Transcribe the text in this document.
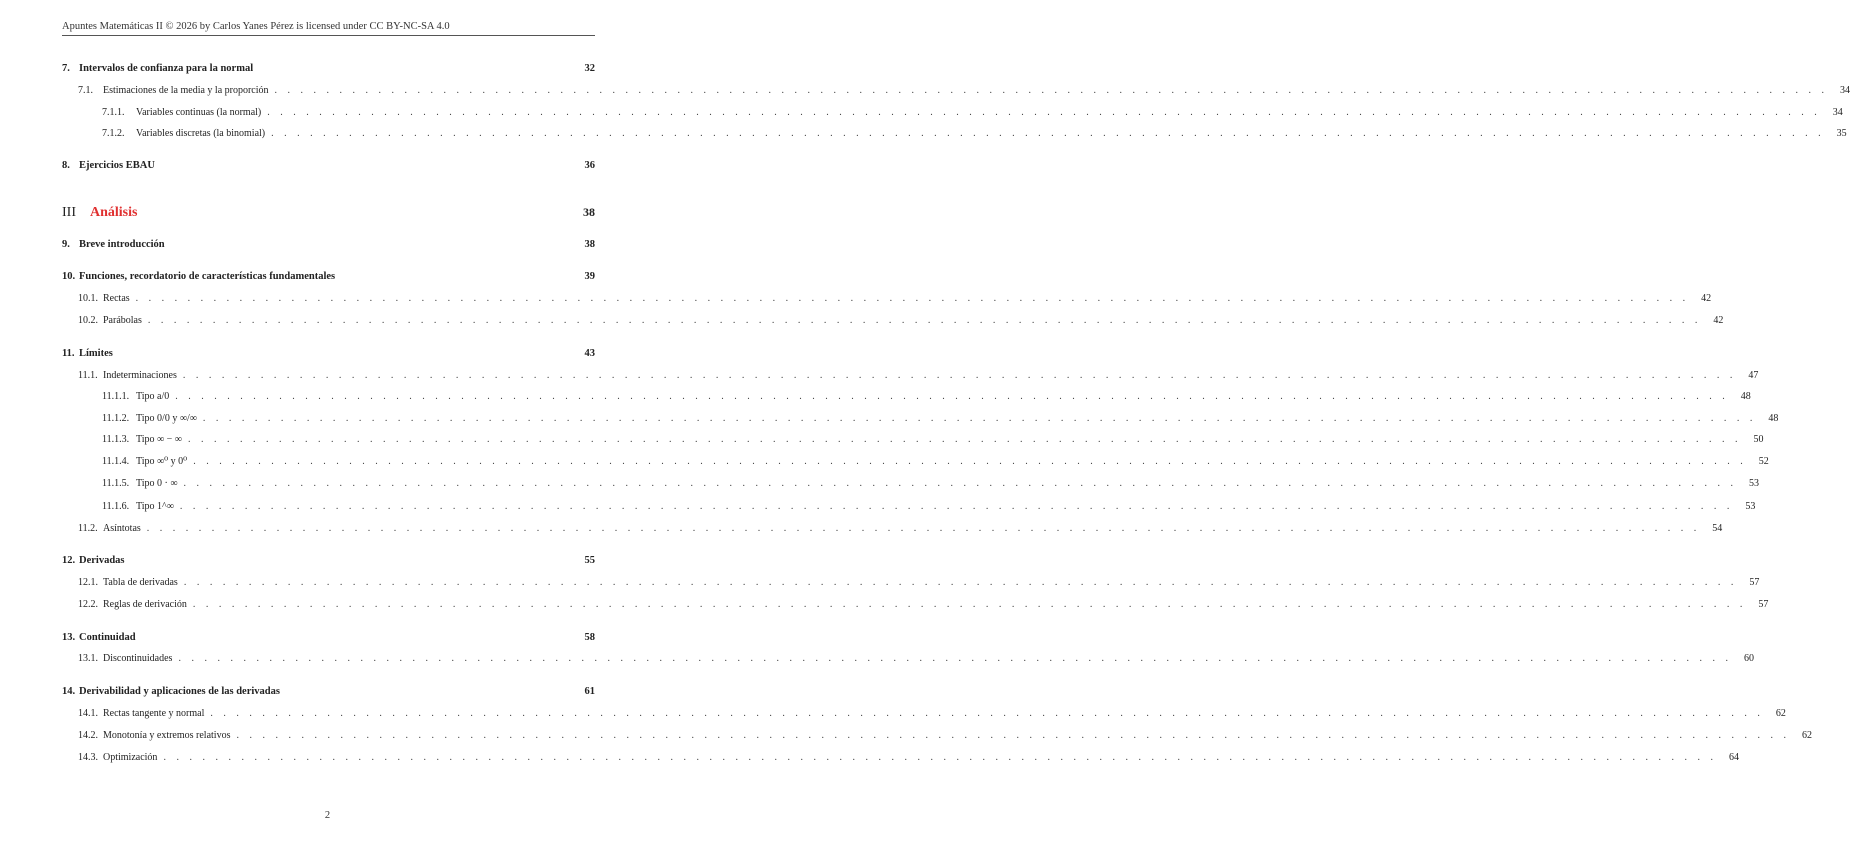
Apuntes Matemáticas II © 2026 by Carlos Yanes Pérez is licensed under CC BY-NC-SA 4.0
7. Intervalos de confianza para la normal	32
7.1.	Estimaciones de la media y la proporción . . . . . . . . . . . . . . . . . . . . . . . . . . . . . . . . . . . . . . . . . . . . . . . . . . . . . . . . . . . . . . . . . . . . . . . . . . . . . . . . . . . . . . . . . . . . . . . . . . . . . . . . . . . . . . . . . . . . . . . .	34
7.1.1.	Variables continuas (la normal) . . . . . . . . . . . . . . . . . . . . . . . . . . . . . . . . . . . . . . . . . . . . . . . . . . . . . . . . . . . . . . . . . . . . . . . . . . . . . . . . . . . . . . . . . . . . . . . . . . . . . . . . . . . . . . . . . . . . . . . .	34
7.1.2.	Variables discretas (la binomial) . . . . . . . . . . . . . . . . . . . . . . . . . . . . . . . . . . . . . . . . . . . . . . . . . . . . . . . . . . . . . . . . . . . . . . . . . . . . . . . . . . . . . . . . . . . . . . . . . . . . . . . . . . . . . . . . . . . . . . . .	35
8. Ejercicios EBAU	36
III	Análisis	38
9. Breve introducción	38
10. Funciones, recordatorio de características fundamentales	39
10.1. Rectas . . . . . . . . . . . . . . . . . . . . . . . . . . . . . . . . . . . . . . . . . . . . . . . . . . . . . . . . . . . . . . . . . . . . . . . . . . . . . . . . . . . . . . . . . . . . . . . . . . . . . . . . . . . . . . . . . . . . . . . .	42
10.2. Parábolas . . . . . . . . . . . . . . . . . . . . . . . . . . . . . . . . . . . . . . . . . . . . . . . . . . . . . . . . . . . . . . . . . . . . . . . . . . . . . . . . . . . . . . . . . . . . . . . . . . . . . . . . . . . . . . . . . . . . . . . .	42
11. Límites	43
11.1. Indeterminaciones . . . . . . . . . . . . . . . . . . . . . . . . . . . . . . . . . . . . . . . . . . . . . . . . . . . . . . . . . . . . . . . . . . . . . . . . . . . . . . . . . . . . . . . . . . . . . . . . . . . . . . . . . . . . . . . . . . . . . . . .	47
11.1.1. Tipo a/0 . . . . . . . . . . . . . . . . . . . . . . . . . . . . . . . . . . . . . . . . . . . . . . . . . . . . . . . . . . . . . . . . . . . . . . . . . . . . . . . . . . . . . . . . . . . . . . . . . . . . . . . . . . . . . . . . . . . . . . . .	48
11.1.2. Tipo 0/0 y ∞/∞ . . . . . . . . . . . . . . . . . . . . . . . . . . . . . . . . . . . . . . . . . . . . . . . . . . . . . . . . . . . . . . . . . . . . . . . . . . . . . . . . . . . . . . . . . . . . . . . . . . . . . . . . . . . . . . . . . . . . . . . .	48
11.1.3. Tipo ∞ − ∞ . . . . . . . . . . . . . . . . . . . . . . . . . . . . . . . . . . . . . . . . . . . . . . . . . . . . . . . . . . . . . . . . . . . . . . . . . . . . . . . . . . . . . . . . . . . . . . . . . . . . . . . . . . . . . . . . . . . . . . . .	50
11.1.4. Tipo ∞⁰ y 0⁰ . . . . . . . . . . . . . . . . . . . . . . . . . . . . . . . . . . . . . . . . . . . . . . . . . . . . . . . . . . . . . . . . . . . . . . . . . . . . . . . . . . . . . . . . . . . . . . . . . . . . . . . . . . . . . . . . . . . . . . . .	52
11.1.5. Tipo 0 · ∞ . . . . . . . . . . . . . . . . . . . . . . . . . . . . . . . . . . . . . . . . . . . . . . . . . . . . . . . . . . . . . . . . . . . . . . . . . . . . . . . . . . . . . . . . . . . . . . . . . . . . . . . . . . . . . . . . . . . . . . . .	53
11.1.6. Tipo 1^∞ . . . . . . . . . . . . . . . . . . . . . . . . . . . . . . . . . . . . . . . . . . . . . . . . . . . . . . . . . . . . . . . . . . . . . . . . . . . . . . . . . . . . . . . . . . . . . . . . . . . . . . . . . . . . . . . . . . . . . . . .	53
11.2. Asíntotas . . . . . . . . . . . . . . . . . . . . . . . . . . . . . . . . . . . . . . . . . . . . . . . . . . . . . . . . . . . . . . . . . . . . . . . . . . . . . . . . . . . . . . . . . . . . . . . . . . . . . . . . . . . . . . . . . . . . . . . .	54
12. Derivadas	55
12.1. Tabla de derivadas . . . . . . . . . . . . . . . . . . . . . . . . . . . . . . . . . . . . . . . . . . . . . . . . . . . . . . . . . . . . . . . . . . . . . . . . . . . . . . . . . . . . . . . . . . . . . . . . . . . . . . . . . . . . . . . . . . . . . . . .	57
12.2. Reglas de derivación . . . . . . . . . . . . . . . . . . . . . . . . . . . . . . . . . . . . . . . . . . . . . . . . . . . . . . . . . . . . . . . . . . . . . . . . . . . . . . . . . . . . . . . . . . . . . . . . . . . . . . . . . . . . . . . . . . . . . . . .	57
13. Continuidad	58
13.1. Discontinuidades . . . . . . . . . . . . . . . . . . . . . . . . . . . . . . . . . . . . . . . . . . . . . . . . . . . . . . . . . . . . . . . . . . . . . . . . . . . . . . . . . . . . . . . . . . . . . . . . . . . . . . . . . . . . . . . . . . . . . . . .	60
14. Derivabilidad y aplicaciones de las derivadas	61
14.1. Rectas tangente y normal . . . . . . . . . . . . . . . . . . . . . . . . . . . . . . . . . . . . . . . . . . . . . . . . . . . . . . . . . . . . . . . . . . . . . . . . . . . . . . . . . . . . . . . . . . . . . . . . . . . . . . . . . . . . . . . . . . . . . . . .	62
14.2. Monotonía y extremos relativos . . . . . . . . . . . . . . . . . . . . . . . . . . . . . . . . . . . . . . . . . . . . . . . . . . . . . . . . . . . . . . . . . . . . . . . . . . . . . . . . . . . . . . . . . . . . . . . . . . . . . . . . . . . . . . . . . . . . . . . .	62
14.3. Optimización . . . . . . . . . . . . . . . . . . . . . . . . . . . . . . . . . . . . . . . . . . . . . . . . . . . . . . . . . . . . . . . . . . . . . . . . . . . . . . . . . . . . . . . . . . . . . . . . . . . . . . . . . . . . . . . . . . . . . . . .	64
2
